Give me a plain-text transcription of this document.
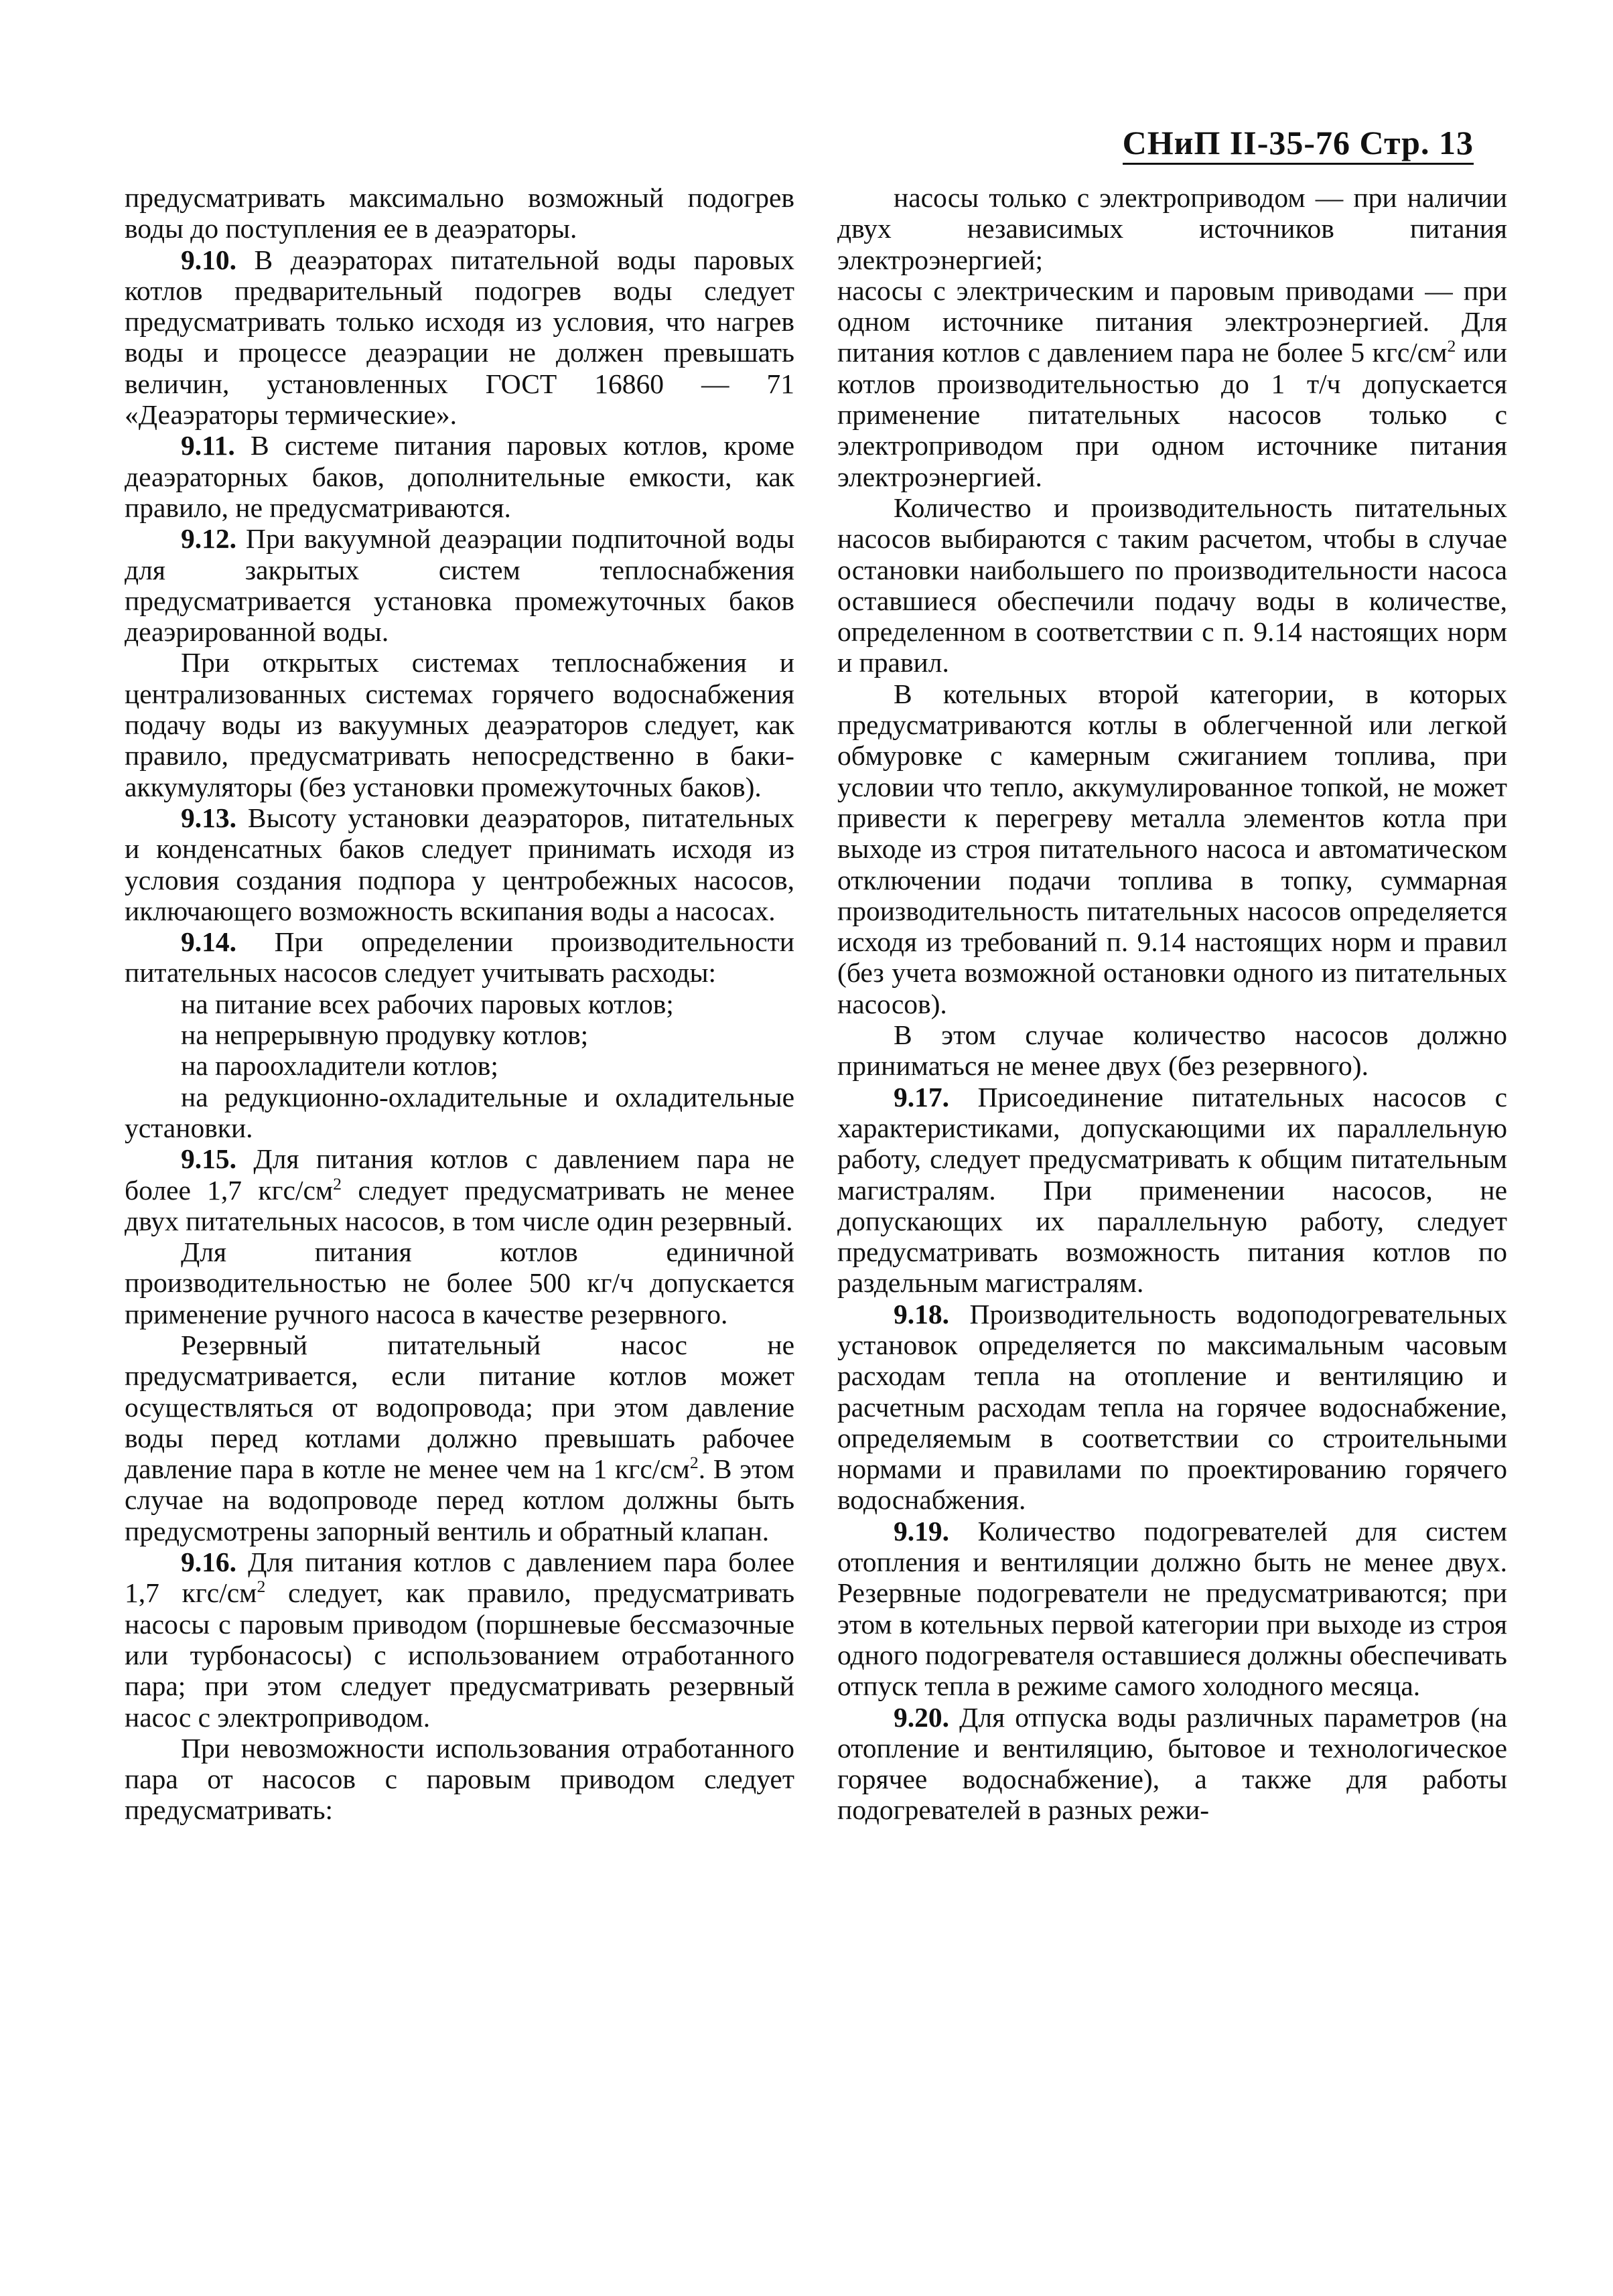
СНиП II-35-76 Стр. 13

предусматривать максимально возможный подогрев воды до поступления ее в деаэраторы.

9.10. В деаэраторах питательной воды паровых котлов предварительный подогрев воды следует предусматривать только исходя из условия, что нагрев воды и процессе деаэрации не должен превышать величин, установленных ГОСТ 16860 — 71 «Деаэраторы термические».

9.11. В системе питания паровых котлов, кроме деаэраторных баков, дополнительные емкости, как правило, не предусматриваются.

9.12. При вакуумной деаэрации подпиточной воды для закрытых систем теплоснабжения предусматривается установка промежуточных баков деаэрированной воды.

При открытых системах теплоснабжения и централизованных системах горячего водоснабжения подачу воды из вакуумных деаэраторов следует, как правило, предусматривать непосредственно в баки-аккумуляторы (без установки промежуточных баков).

9.13. Высоту установки деаэраторов, питательных и конденсатных баков следует принимать исходя из условия создания подпора у центробежных насосов, иключающего возможность вскипания воды а насосах.

9.14. При определении производительности питательных насосов следует учитывать расходы:

на питание всех рабочих паровых котлов;

на непрерывную продувку котлов;

на пароохладители котлов;

на редукционно-охладительные и охладительные установки.

9.15. Для питания котлов с давлением пара не более 1,7 кгс/$см^2$ следует предусматривать не менее двух питательных насосов, в том числе один резервный.

Для питания котлов единичной производительностью не более 500 кг/ч допускается применение ручного насоса в качестве резервного.

Резервный питательный насос не предусматривается, если питание котлов может осуществляться от водопровода; при этом давление воды перед котлами должно превышать рабочее давление пара в котле не менее чем на 1 кгс/$см^2$. В этом случае на водопроводе перед котлом должны быть предусмотрены запорный вентиль и обратный клапан.

9.16. Для питания котлов с давлением пара более 1,7 кгс/$см^2$ следует, как правило, предусматривать насосы с паровым приводом (поршневые бессмазочные или турбонасосы) с использованием отработанного пара; при этом следует предусматривать резервный насос с электроприводом.

При невозможности использования отработанного пара от насосов с паровым приводом следует предусматривать:

насосы только с электроприводом — при наличии двух независимых источников питания электроэнергией;

насосы с электрическим и паровым приводами — при одном источнике питания электроэнергией. Для питания котлов с давлением пара не более 5 кгс/$см^2$ или котлов производительностью до 1 т/ч допускается применение питательных насосов только с электроприводом при одном источнике питания электроэнергией.

Количество и производительность питательных насосов выбираются с таким расчетом, чтобы в случае остановки наибольшего по производительности насоса оставшиеся обеспечили подачу воды в количестве, определенном в соответствии с п. 9.14 настоящих норм и правил.

В котельных второй категории, в которых предусматриваются котлы в облегченной или легкой обмуровке с камерным сжиганием топлива, при условии что тепло, аккумулированное топкой, не может привести к перегреву металла элементов котла при выходе из строя питательного насоса и автоматическом отключении подачи топлива в топку, суммарная производительность питательных насосов определяется исходя из требований п. 9.14 настоящих норм и правил (без учета возможной остановки одного из питательных насосов).

В этом случае количество насосов должно приниматься не менее двух (без резервного).

9.17. Присоединение питательных насосов с характеристиками, допускающими их параллельную работу, следует предусматривать к общим питательным магистралям. При применении насосов, не допускающих их параллельную работу, следует предусматривать возможность питания котлов по раздельным магистралям.

9.18. Производительность водоподогревательных установок определяется по максимальным часовым расходам тепла на отопление и вентиляцию и расчетным расходам тепла на горячее водоснабжение, определяемым в соответствии со строительными нормами и правилами по проектированию горячего водоснабжения.

9.19. Количество подогревателей для систем отопления и вентиляции должно быть не менее двух. Резервные подогреватели не предусматриваются; при этом в котельных первой категории при выходе из строя одного подогревателя оставшиеся должны обеспечивать отпуск тепла в режиме самого холодного месяца.

9.20. Для отпуска воды различных параметров (на отопление и вентиляцию, бытовое и технологическое горячее водоснабжение), а также для работы подогревателей в разных режи-
